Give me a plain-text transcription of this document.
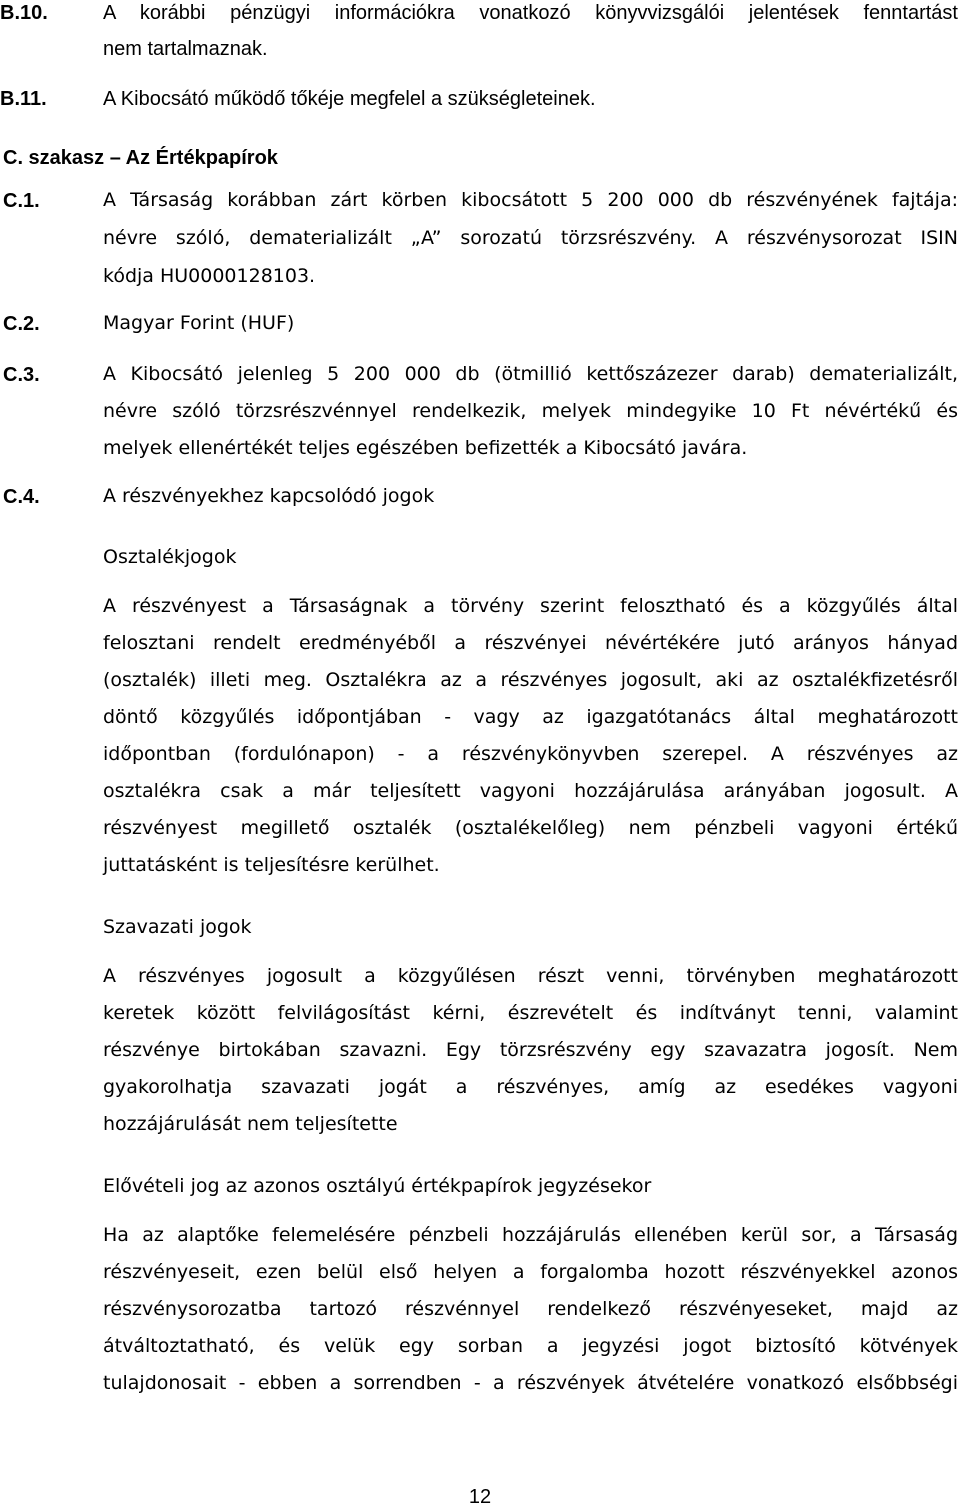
B.10.	A korábbi pénzügyi információkra vonatkozó könyvvizsgálói jelentések fenntartást
nem tartalmaznak.
B.11.	A Kibocsátó működő tőkéje megfelel a szükségleteinek.
C. szakasz – Az Értékpapírok
C.1.	A Társaság korábban zárt körben kibocsátott 5 200 000 db részvényének fajtája:
névre szóló, dematerializált „A” sorozatú törzsrészvény. A részvénysorozat ISIN
kódja HU0000128103.
C.2.	Magyar Forint (HUF)
C.3.	A Kibocsátó jelenleg 5 200 000 db (ötmillió kettőszázezer darab) dematerializált,
névre szóló törzsrészvénnyel rendelkezik, melyek mindegyike 10 Ft névértékű és
melyek ellenértékét teljes egészében befizették a Kibocsátó javára.
C.4.	A részvényekhez kapcsolódó jogok
Osztalékjogok
A részvényest a Társaságnak a törvény szerint felosztható és a közgyűlés által
felosztani rendelt eredményéből a részvényei névértékére jutó arányos hányad
(osztalék) illeti meg. Osztalékra az a részvényes jogosult, aki az osztalékfizetésről
döntő közgyűlés időpontjában - vagy az igazgatótanács által meghatározott
időpontban (fordulónapon) - a részvénykönyvben szerepel. A részvényes az
osztalékra csak a már teljesített vagyoni hozzájárulása arányában jogosult. A
részvényest megillető osztalék (osztalékelőleg) nem pénzbeli vagyoni értékű
juttatásként is teljesítésre kerülhet.
Szavazati jogok
A részvényes jogosult a közgyűlésen részt venni, törvényben meghatározott
keretek között felvilágosítást kérni, észrevételt és indítványt tenni, valamint
részvénye birtokában szavazni. Egy törzsrészvény egy szavazatra jogosít. Nem
gyakorolhatja szavazati jogát a részvényes, amíg az esedékes vagyoni
hozzájárulását nem teljesítette
Elővételi jog az azonos osztályú értékpapírok jegyzésekor
Ha az alaptőke felemelésére pénzbeli hozzájárulás ellenében kerül sor, a Társaság
részvényeseit, ezen belül első helyen a forgalomba hozott részvényekkel azonos
részvénysorozatba tartozó részvénnyel rendelkező részvényeseket, majd az
átváltoztatható, és velük egy sorban a jegyzési jogot biztosító kötvények
tulajdonosait - ebben a sorrendben - a részvények átvételére vonatkozó elsőbbségi
12
